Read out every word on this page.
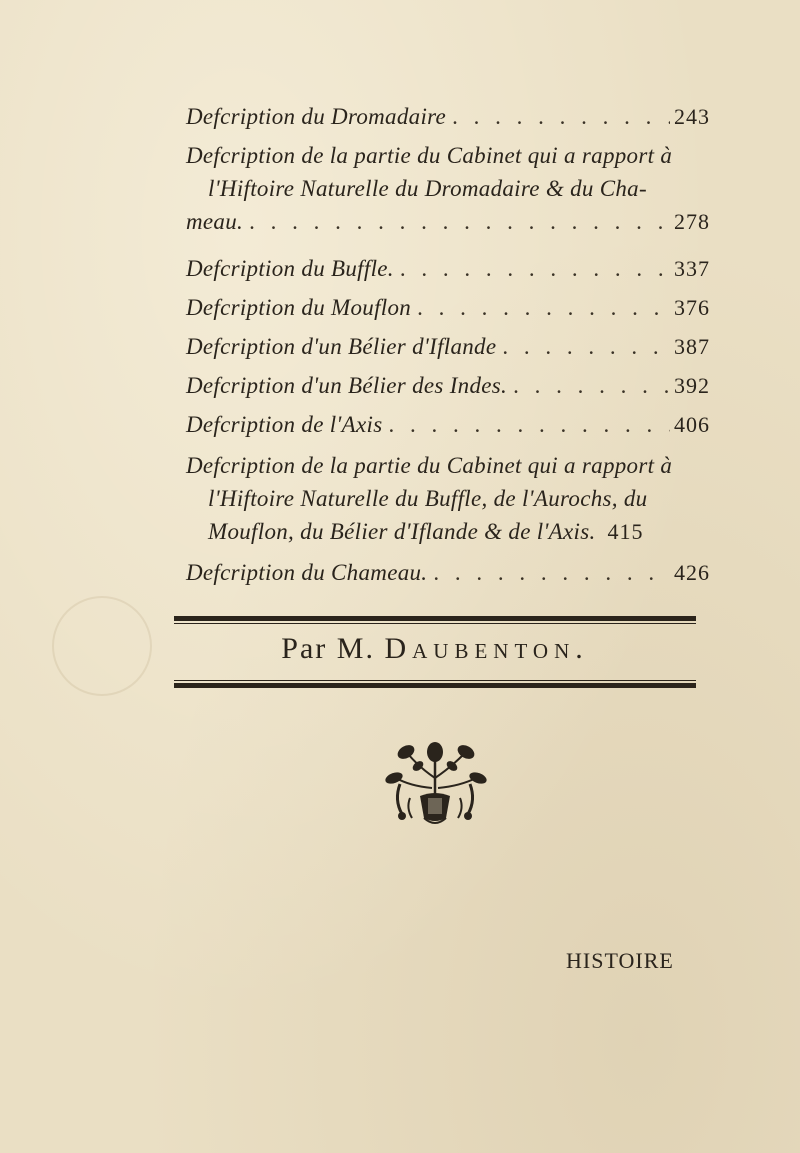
Defcription du Dromadaire . . .	243
Defcription de la partie du Cabinet qui a rapport à
l'Hiftoire Naturelle du Dromadaire & du Cha-
meau. . . .	278
Defcription du Buffle. . . .	337
Defcription du Mouflon . . .	376
Defcription d'un Bélier d'Iflande . . .	387
Defcription d'un Bélier des Indes. . . .	392
Defcription de l'Axis . . .	406
Defcription de la partie du Cabinet qui a rapport à
l'Hiftoire Naturelle du Buffle, de l'Aurochs, du
Mouflon, du Bélier d'Iflande & de l'Axis. 415
Defcription du Chameau. . . .	426
Par M. Daubenton.
HISTOIRE
